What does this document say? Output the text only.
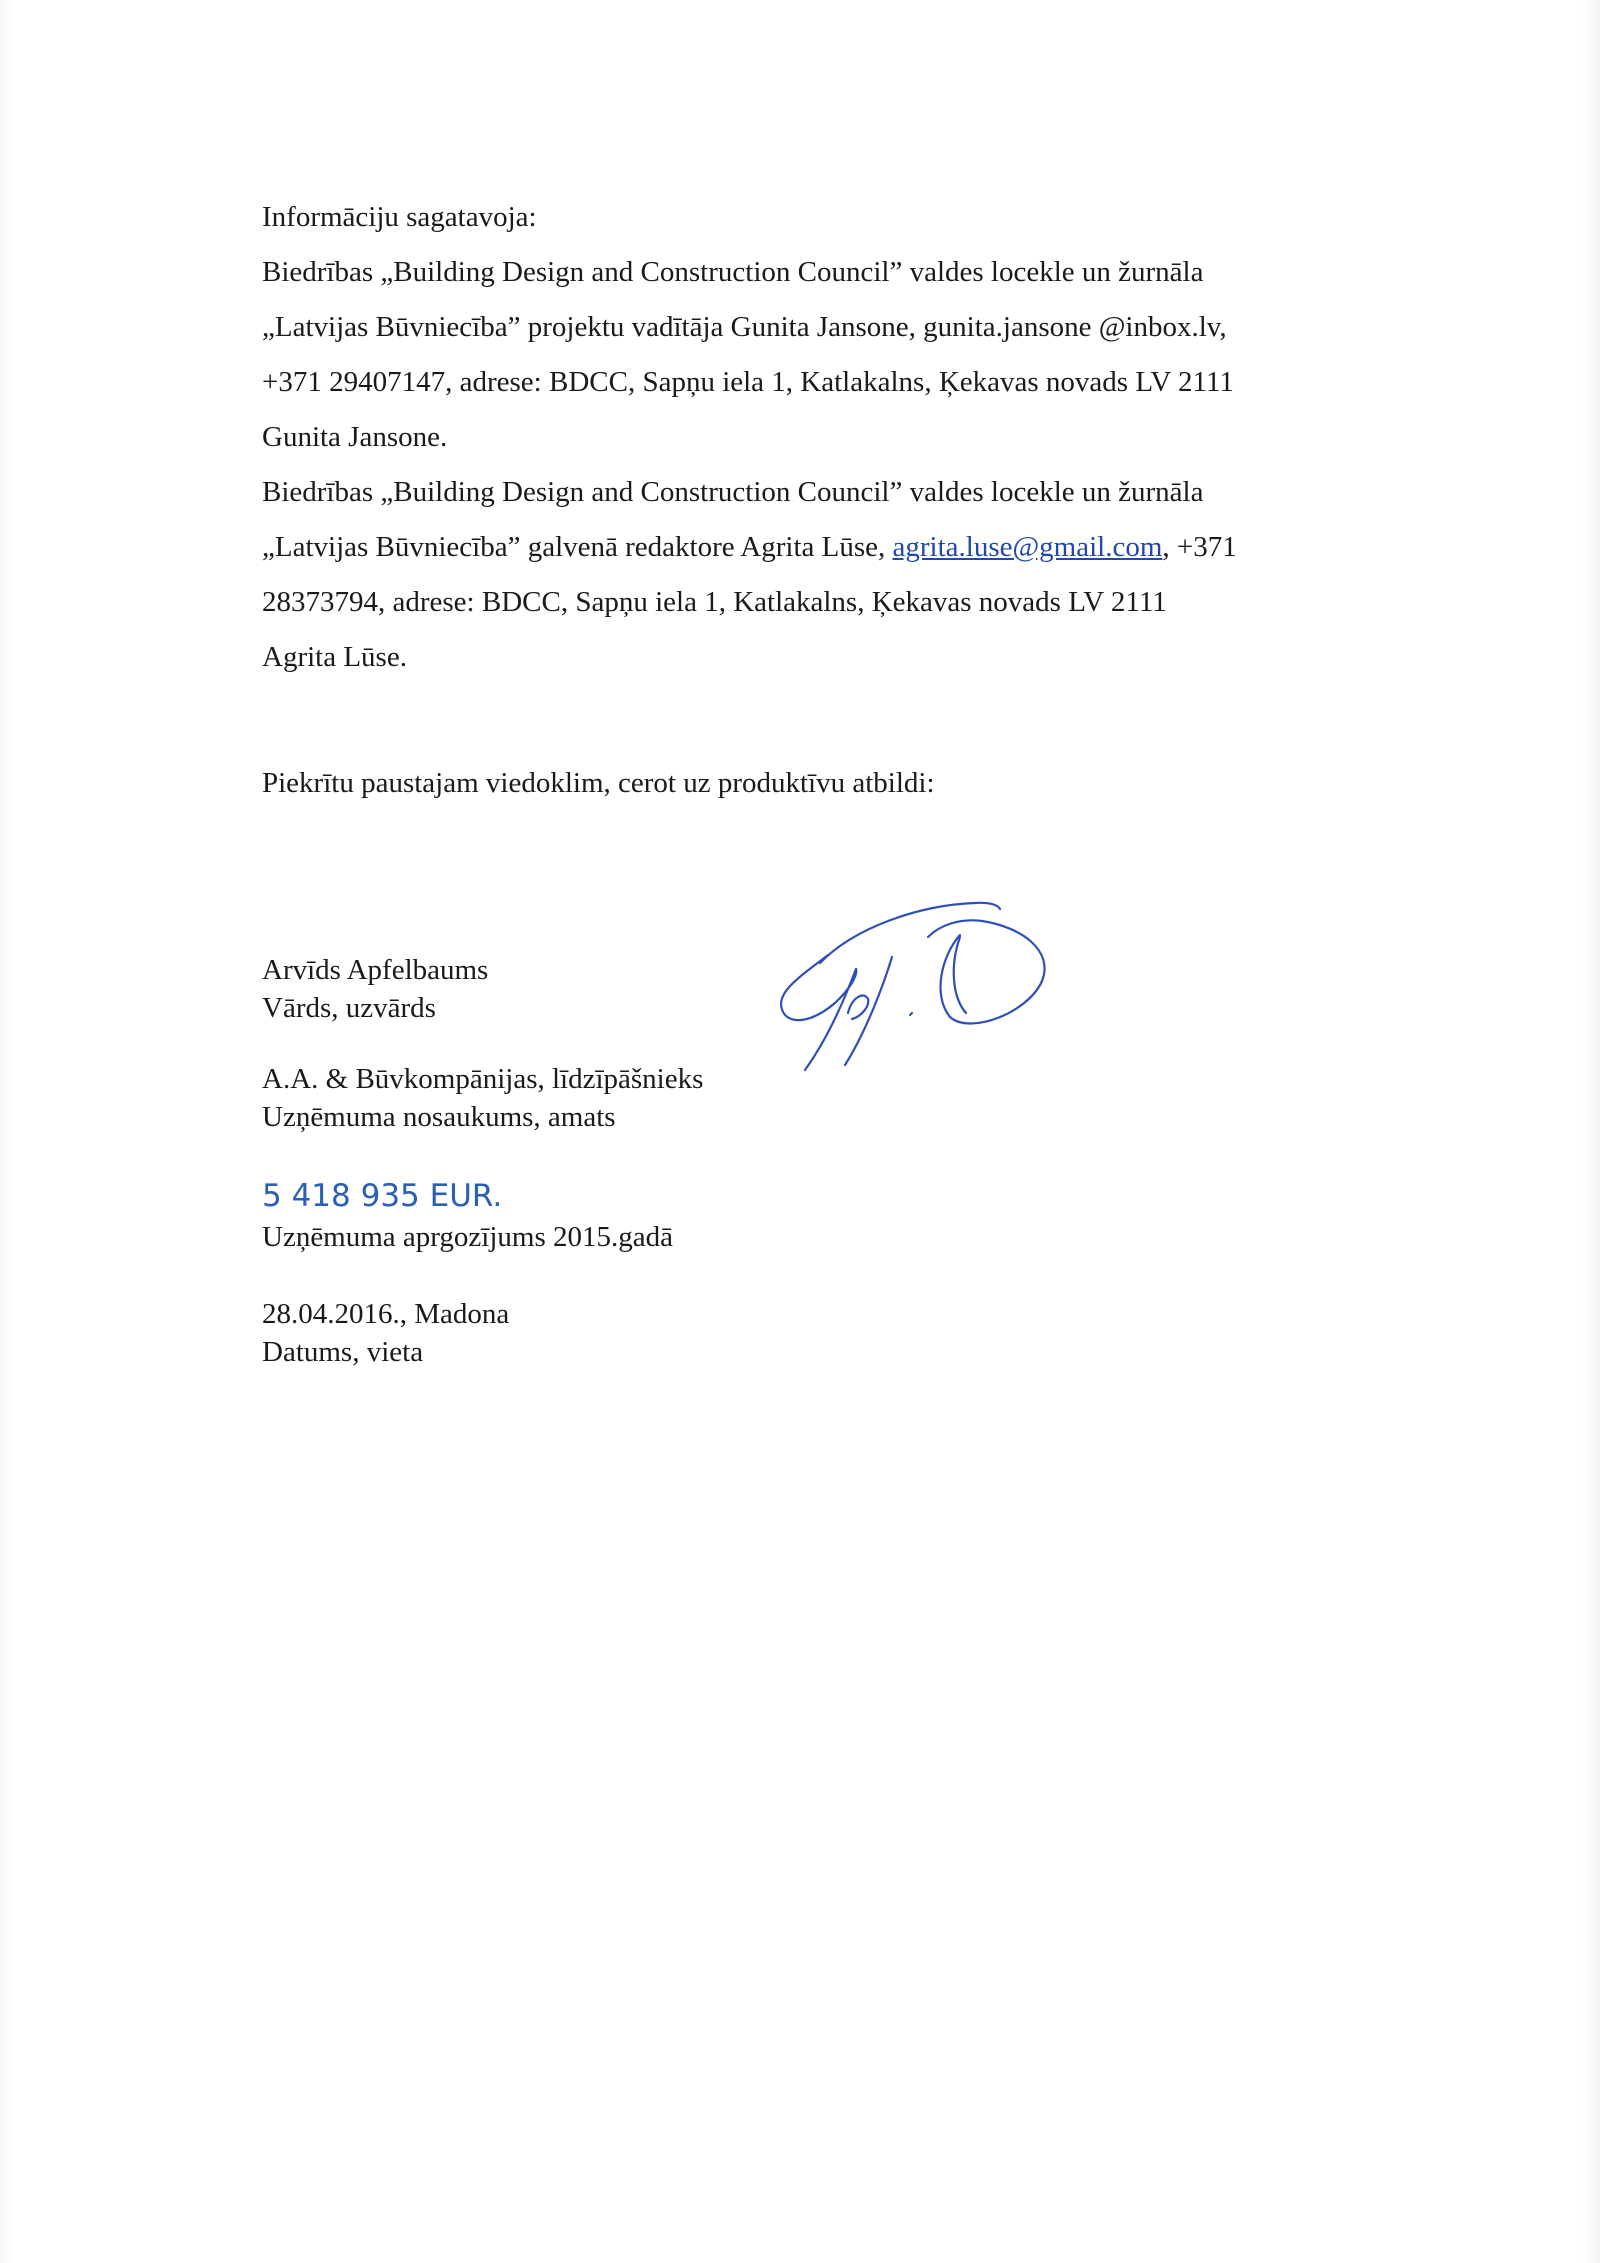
Informāciju sagatavoja:

Biedrības „Building Design and Construction Council” valdes locekle un žurnāla

„Latvijas Būvniecība” projektu vadītāja Gunita Jansone, gunita.jansone @inbox.lv,

+371 29407147, adrese: BDCC, Sapņu iela 1, Katlakalns, Ķekavas novads LV 2111

Gunita Jansone.

Biedrības „Building Design and Construction Council” valdes locekle un žurnāla

„Latvijas Būvniecība” galvenā redaktore Agrita Lūse, agrita.luse@gmail.com, +371

28373794, adrese: BDCC, Sapņu iela 1, Katlakalns, Ķekavas novads LV 2111

Agrita Lūse.

Piekrītu paustajam viedoklim, cerot uz produktīvu atbildi:
Arvīds Apfelbaums
Vārds, uzvārds
A.A. & Būvkompānijas, līdzīpāšnieks
Uzņēmuma nosaukums, amats
5 418 935 EUR.
Uzņēmuma aprgozījums 2015.gadā
28.04.2016., Madona
Datums, vieta
